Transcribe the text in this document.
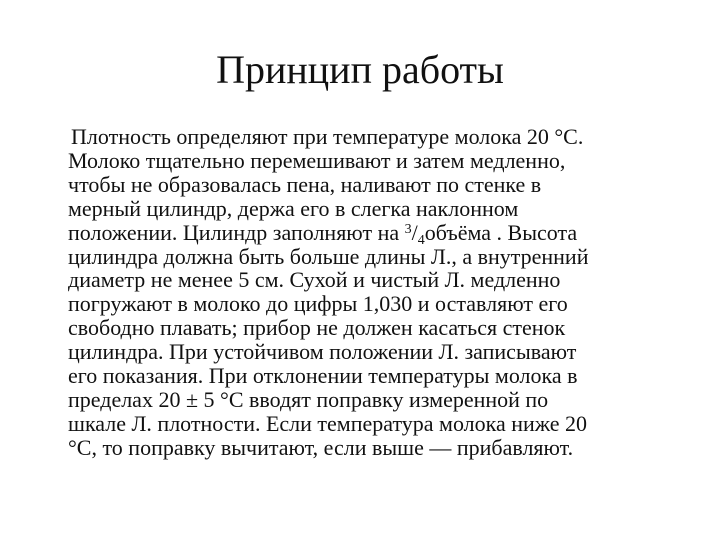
Принцип работы
Плотность определяют при температуре молока 20 °С.
Молоко тщательно перемешивают и затем медленно,
чтобы не образовалась пена, наливают по стенке в
мерный цилиндр, держа его в слегка наклонном
положении. Цилиндр заполняют на $^3/_4объёма$ . Высота
цилиндра должна быть больше длины Л., а внутренний
диаметр не менее 5 см. Сухой и чистый Л. медленно
погружают в молоко до цифры 1,030 и оставляют его
свободно плавать; прибор не должен касаться стенок
цилиндра. При устойчивом положении Л. записывают
его показания. При отклонении температуры молока в
пределах 20 ± 5 °С вводят поправку измеренной по
шкале Л. плотности. Если температура молока ниже 20
°С, то поправку вычитают, если выше — прибавляют.
